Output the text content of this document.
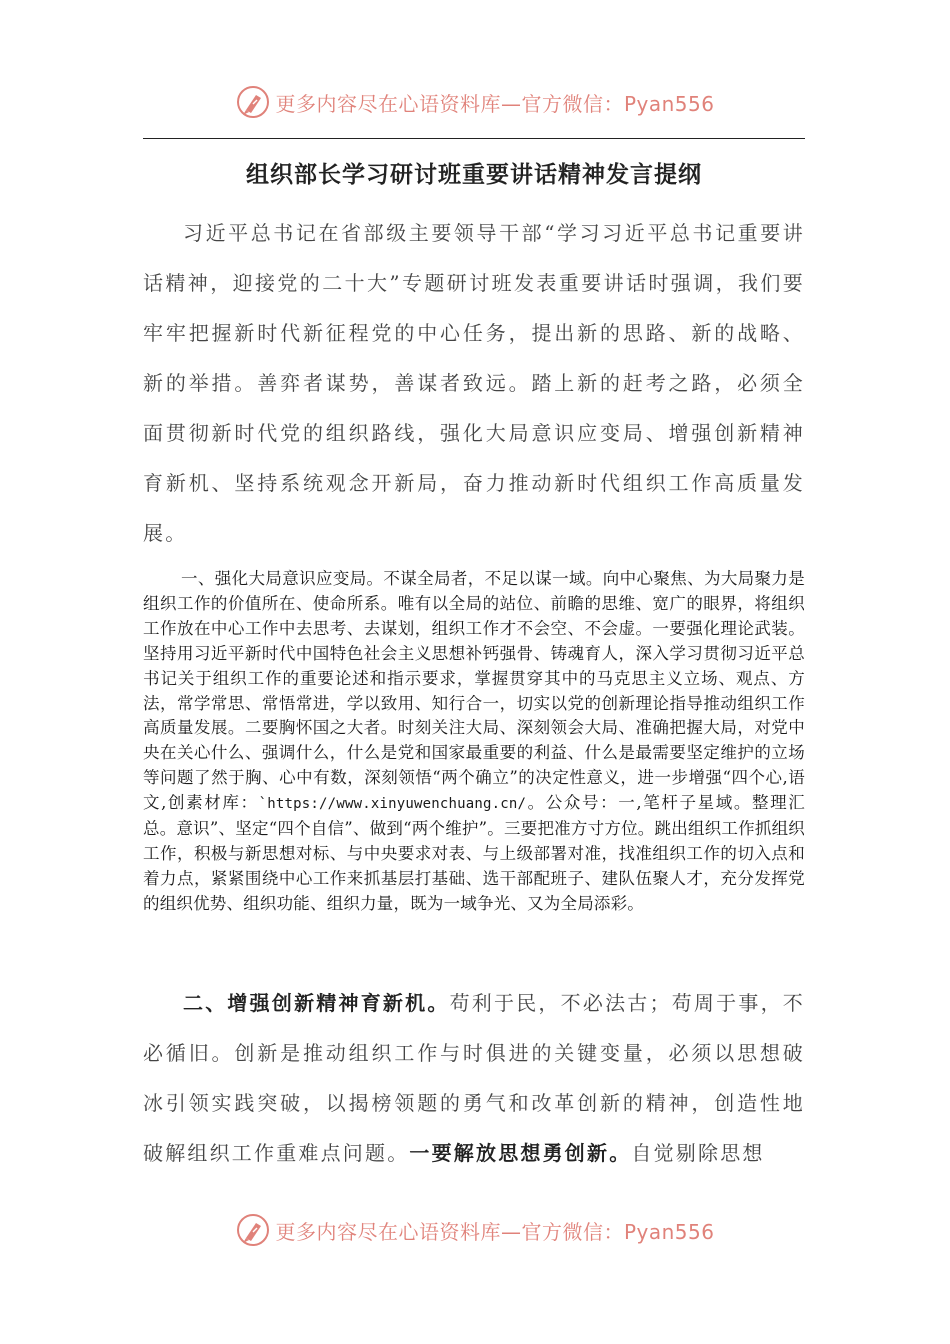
更多内容尽在心语资料库—官方微信：Pyan556
组织部长学习研讨班重要讲话精神发言提纲

习近平总书记在省部级主要领导干部“学习习近平总书记重要讲话精神，迎接党的二十大”专题研讨班发表重要讲话时强调，我们要牢牢把握新时代新征程党的中心任务，提出新的思路、新的战略、新的举措。善弈者谋势，善谋者致远。踏上新的赶考之路，必须全面贯彻新时代党的组织路线，强化大局意识应变局、增强创新精神育新机、坚持系统观念开新局，奋力推动新时代组织工作高质量发展。

一、强化大局意识应变局。不谋全局者，不足以谋一域。向中心聚焦、为大局聚力是组织工作的价值所在、使命所系。唯有以全局的站位、前瞻的思维、宽广的眼界，将组织工作放在中心工作中去思考、去谋划，组织工作才不会空、不会虚。一要强化理论武装。坚持用习近平新时代中国特色社会主义思想补钙强骨、铸魂育人，深入学习贯彻习近平总书记关于组织工作的重要论述和指示要求，掌握贯穿其中的马克思主义立场、观点、方法，常学常思、常悟常进，学以致用、知行合一，切实以党的创新理论指导推动组织工作高质量发展。二要胸怀国之大者。时刻关注大局、深刻领会大局、准确把握大局，对党中央在关心什么、强调什么，什么是党和国家最重要的利益、什么是最需要坚定维护的立场等问题了然于胸、心中有数，深刻领悟“两个确立”的决定性意义，进一步增强“四个心,语文,创素材库：`https://www.xinyuwenchuang.cn/。公众号：一,笔杆子星域。整理汇总。意识”、坚定“四个自信”、做到“两个维护”。三要把准方寸方位。跳出组织工作抓组织工作，积极与新思想对标、与中央要求对表、与上级部署对准，找准组织工作的切入点和着力点，紧紧围绕中心工作来抓基层打基础、选干部配班子、建队伍聚人才，充分发挥党的组织优势、组织功能、组织力量，既为一域争光、又为全局添彩。

二、增强创新精神育新机。苟利于民，不必法古；苟周于事，不必循旧。创新是推动组织工作与时俱进的关键变量，必须以思想破冰引领实践突破，以揭榜领题的勇气和改革创新的精神，创造性地破解组织工作重难点问题。一要解放思想勇创新。自觉剔除思想

更多内容尽在心语资料库—官方微信：Pyan556
